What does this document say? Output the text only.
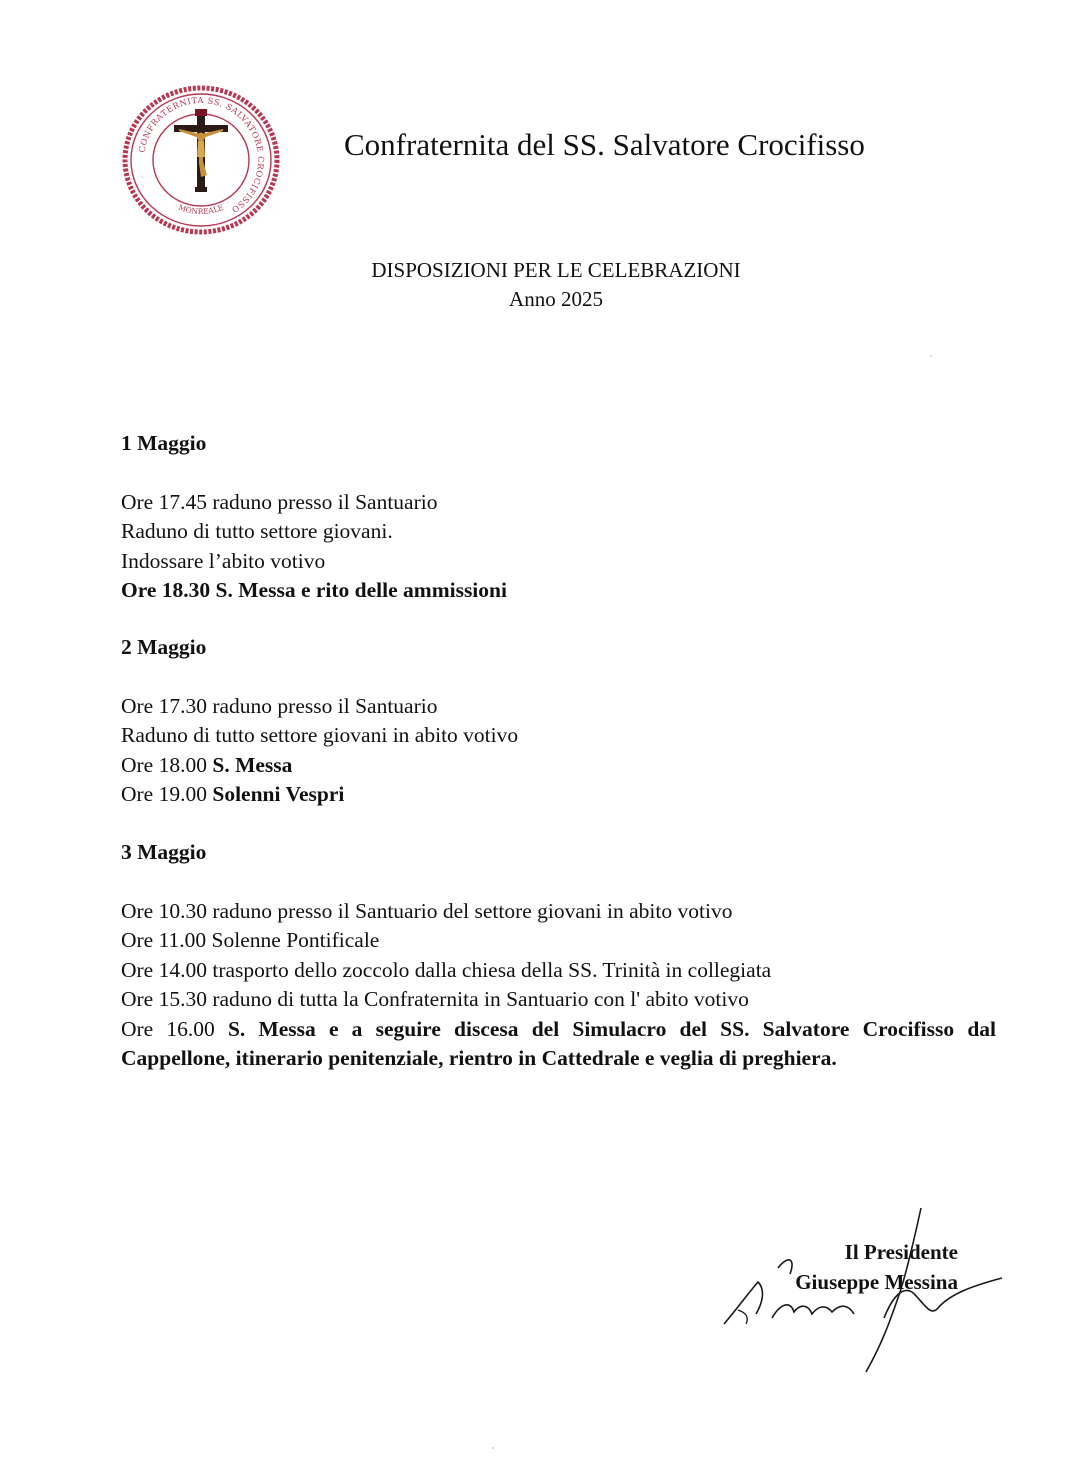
CONFRATERNITA SS. SALVATORE CROCIFISSO
MONREALE
Confraternita del SS. Salvatore Crocifisso
DISPOSIZIONI PER LE CELEBRAZIONI
Anno 2025
1 Maggio
Ore 17.45 raduno presso il Santuario
Raduno di tutto settore giovani.
Indossare l’abito votivo
Ore 18.30 S. Messa e rito delle ammissioni
2 Maggio
Ore 17.30 raduno presso il Santuario
Raduno di tutto settore giovani in abito votivo
Ore 18.00 S. Messa
Ore 19.00 Solenni Vespri
3 Maggio
Ore 10.30 raduno presso il Santuario del settore giovani in abito votivo
Ore 11.00 Solenne Pontificale
Ore 14.00 trasporto dello zoccolo dalla chiesa della SS. Trinità in collegiata
Ore 15.30 raduno di tutta la Confraternita in Santuario con l' abito votivo
Ore 16.00 S. Messa e a seguire discesa del Simulacro del SS. Salvatore Crocifisso dal Cappellone, itinerario penitenziale, rientro in Cattedrale e veglia di preghiera.
Il Presidente
Giuseppe Messina
